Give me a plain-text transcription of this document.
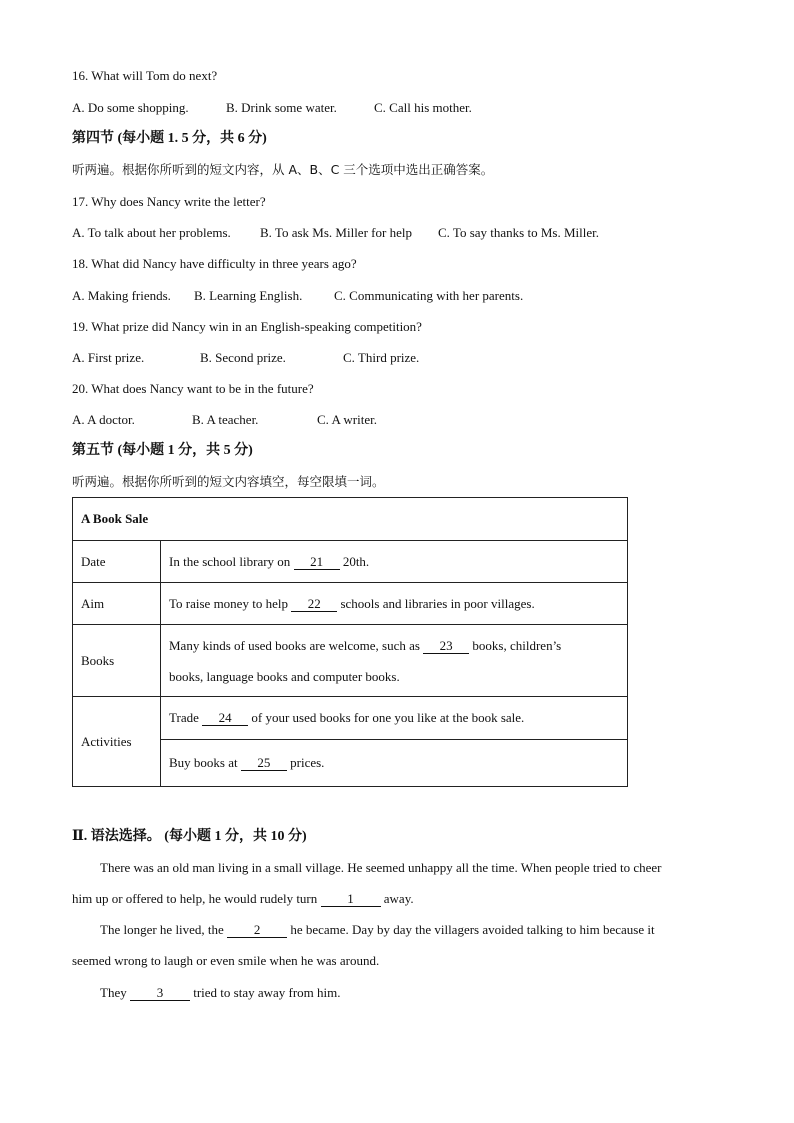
16. What will Tom do next?
A. Do some shopping.	B. Drink some water.	C. Call his mother.
第四节 (每小题 1. 5 分，共 6 分)
听两遍。根据你所听到的短文内容，从 A、B、C 三个选项中选出正确答案。
17. Why does Nancy write the letter?
A. To talk about her problems. B. To ask Ms. Miller for help C. To say thanks to Ms. Miller.
18. What did Nancy have difficulty in three years ago?
A. Making friends. B. Learning English. C. Communicating with her parents.
19. What prize did Nancy win in an English-speaking competition?
A. First prize.	B. Second prize.	C. Third prize.
20. What does Nancy want to be in the future?
A. A doctor.	B. A teacher.	C. A writer.
第五节 (每小题 1 分，共 5 分)
听两遍。根据你所听到的短文内容填空，每空限填一词。
A Book Sale	
Date	In the school library on 21 20th.
Aim	To raise money to help 22 schools and libraries in poor villages.
Books	Many kinds of used books are welcome, such as 23 books, children’s
books, language books and computer books.
Activities	Trade 24 of your used books for one you like at the book sale.
	Buy books at 25 prices.
Ⅱ. 语法选择。 (每小题 1 分，共 10 分)
There was an old man living in a small village. He seemed unhappy all the time. When people tried to cheer
him up or offered to help, he would rudely turn 1 away.
The longer he lived, the 2 he became. Day by day the villagers avoided talking to him because it
seemed wrong to laugh or even smile when he was around.
They 3 tried to stay away from him.
